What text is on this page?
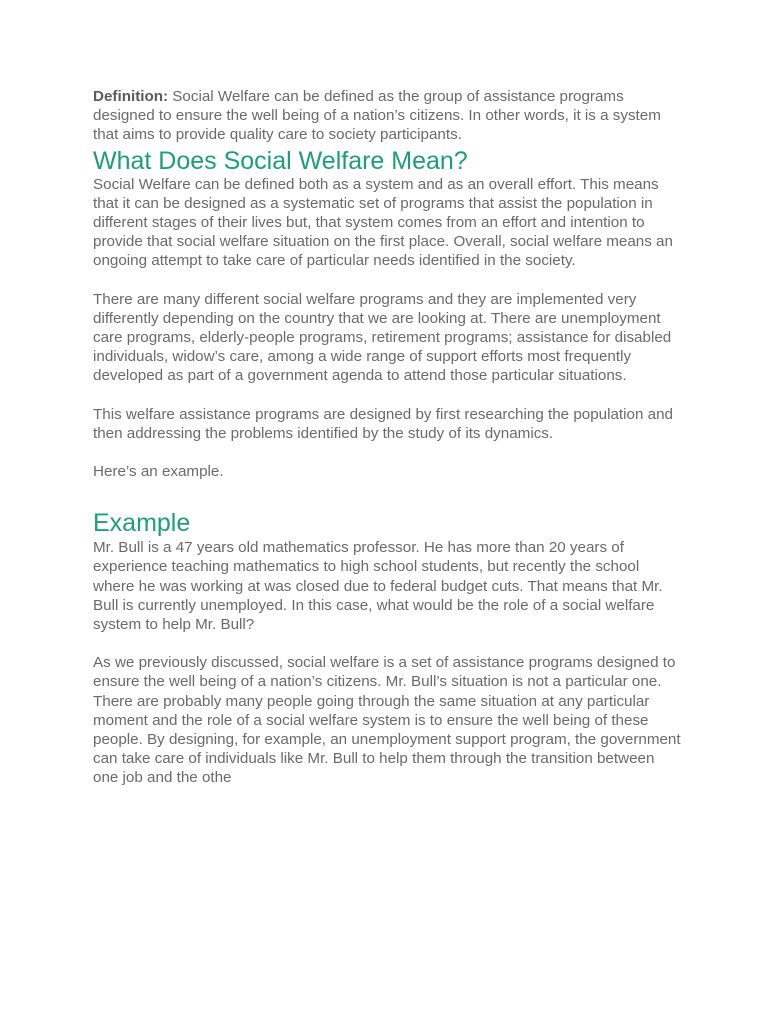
Definition: Social Welfare can be defined as the group of assistance programs designed to ensure the well being of a nation’s citizens. In other words, it is a system that aims to provide quality care to society participants.

What Does Social Welfare Mean?

Social Welfare can be defined both as a system and as an overall effort. This means that it can be designed as a systematic set of programs that assist the population in different stages of their lives but, that system comes from an effort and intention to provide that social welfare situation on the first place. Overall, social welfare means an ongoing attempt to take care of particular needs identified in the society.

There are many different social welfare programs and they are implemented very differently depending on the country that we are looking at. There are unemployment care programs, elderly-people programs, retirement programs; assistance for disabled individuals, widow’s care, among a wide range of support efforts most frequently developed as part of a government agenda to attend those particular situations.

This welfare assistance programs are designed by first researching the population and then addressing the problems identified by the study of its dynamics.

Here’s an example.

Example

Mr. Bull is a 47 years old mathematics professor. He has more than 20 years of experience teaching mathematics to high school students, but recently the school where he was working at was closed due to federal budget cuts. That means that Mr. Bull is currently unemployed. In this case, what would be the role of a social welfare system to help Mr. Bull?

As we previously discussed, social welfare is a set of assistance programs designed to ensure the well being of a nation’s citizens. Mr. Bull’s situation is not a particular one. There are probably many people going through the same situation at any particular moment and the role of a social welfare system is to ensure the well being of these people. By designing, for example, an unemployment support program, the government can take care of individuals like Mr. Bull to help them through the transition between one job and the othe
